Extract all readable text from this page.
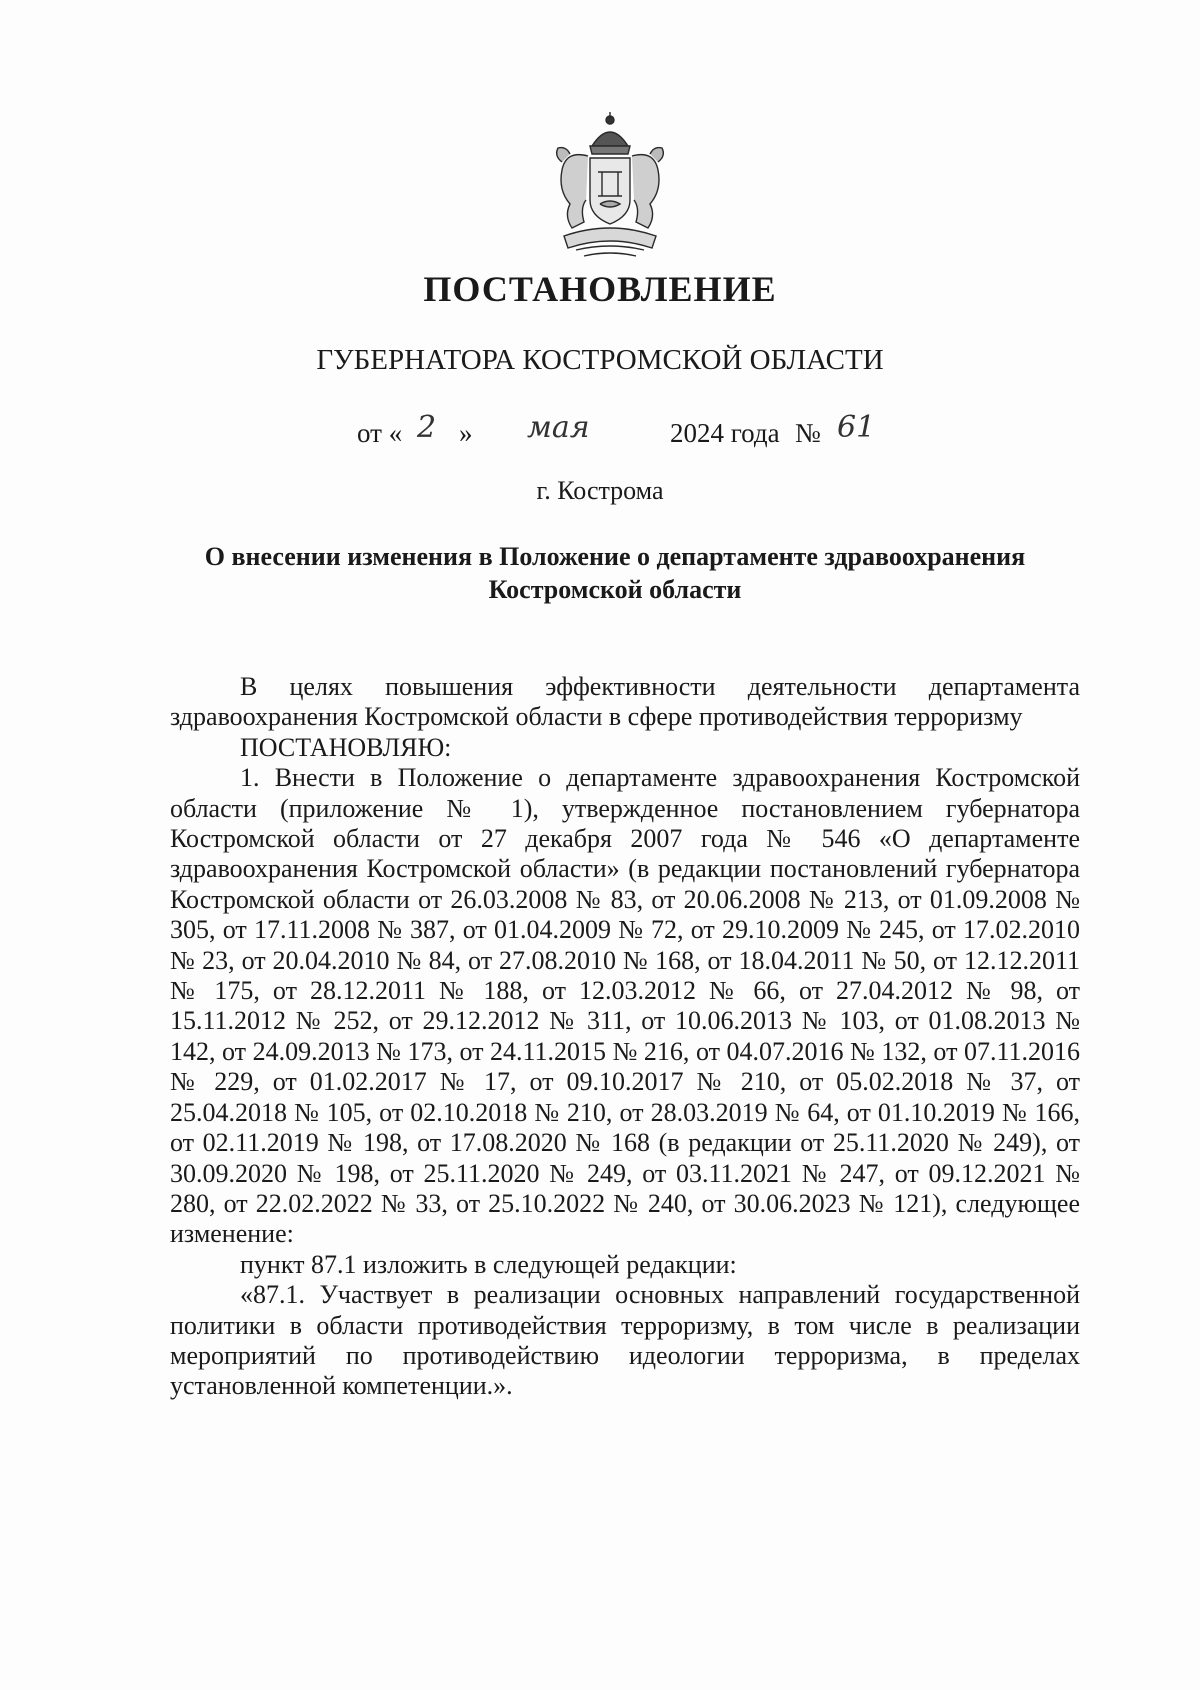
ПОСТАНОВЛЕНИЕ

ГУБЕРНАТОРА КОСТРОМСКОЙ ОБЛАСТИ

от « 2 » мая	2024 года № 61

г. Кострома

О внесении изменения в Положение о департаменте здравоохранения Костромской области

В целях повышения эффективности деятельности департамента здравоохранения Костромской области в сфере противодействия терроризму

ПОСТАНОВЛЯЮ:

1. Внести в Положение о департаменте здравоохранения Костромской области (приложение № 1), утвержденное постановлением губернатора Костромской области от 27 декабря 2007 года № 546 «О департаменте здравоохранения Костромской области» (в редакции постановлений губернатора Костромской области от 26.03.2008 № 83, от 20.06.2008 № 213, от 01.09.2008 № 305, от 17.11.2008 № 387, от 01.04.2009 № 72, от 29.10.2009 № 245, от 17.02.2010 № 23, от 20.04.2010 № 84, от 27.08.2010 № 168, от 18.04.2011 № 50, от 12.12.2011 № 175, от 28.12.2011 № 188, от 12.03.2012 № 66, от 27.04.2012 № 98, от 15.11.2012 № 252, от 29.12.2012 № 311, от 10.06.2013 № 103, от 01.08.2013 № 142, от 24.09.2013 № 173, от 24.11.2015 № 216, от 04.07.2016 № 132, от 07.11.2016 № 229, от 01.02.2017 № 17, от 09.10.2017 № 210, от 05.02.2018 № 37, от 25.04.2018 № 105, от 02.10.2018 № 210, от 28.03.2019 № 64, от 01.10.2019 № 166, от 02.11.2019 № 198, от 17.08.2020 № 168 (в редакции от 25.11.2020 № 249), от 30.09.2020 № 198, от 25.11.2020 № 249, от 03.11.2021 № 247, от 09.12.2021 № 280, от 22.02.2022 № 33, от 25.10.2022 № 240, от 30.06.2023 № 121), следующее изменение:

пункт 87.1 изложить в следующей редакции:

«87.1. Участвует в реализации основных направлений государственной политики в области противодействия терроризму, в том числе в реализации мероприятий по противодействию идеологии терроризма, в пределах установленной компетенции.».
